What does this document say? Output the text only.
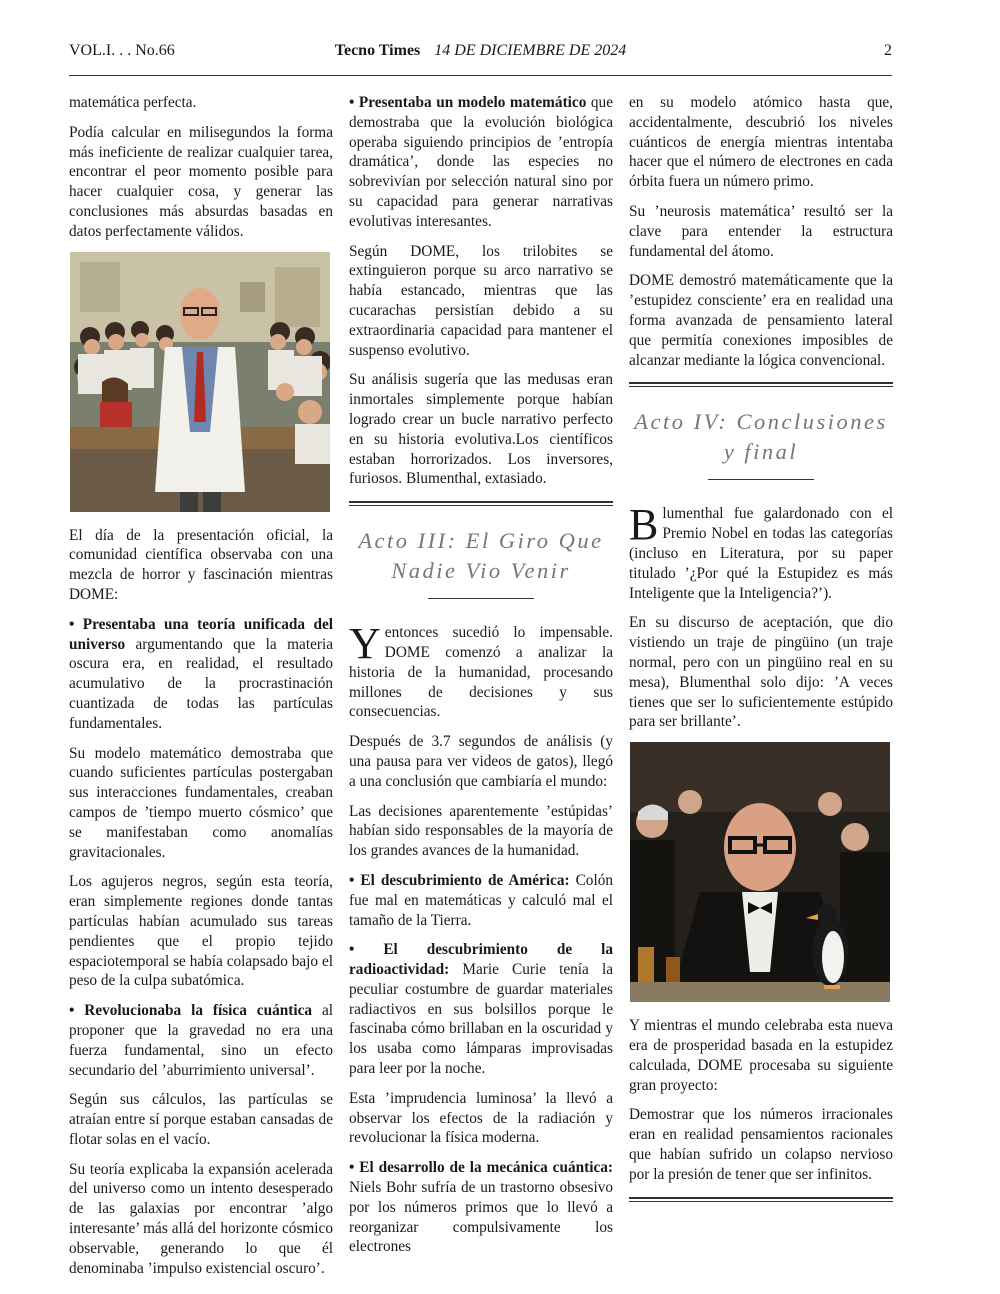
VOL.I. . . No.66	Tecno Times 14 DE DICIEMBRE DE 2024	2

matemática perfecta.

Podía calcular en milisegundos la forma más ineficiente de realizar cualquier tarea, encontrar el peor momento posible para hacer cualquier cosa, y generar las conclusiones más absurdas basadas en datos perfectamente válidos.

El día de la presentación oficial, la comunidad científica observaba con una mezcla de horror y fascinación mientras DOME:

• Presentaba una teoría unificada del universo argumentando que la materia oscura era, en realidad, el resultado acumulativo de la procrastinación cuantizada de todas las partículas fundamentales.

Su modelo matemático demostraba que cuando suficientes partículas postergaban sus interacciones fundamentales, creaban campos de ’tiempo muerto cósmico’ que se manifestaban como anomalías gravitacionales.

Los agujeros negros, según esta teoría, eran simplemente regiones donde tantas partículas habían acumulado sus tareas pendientes que el propio tejido espaciotemporal se había colapsado bajo el peso de la culpa subatómica.

• Revolucionaba la física cuántica al proponer que la gravedad no era una fuerza fundamental, sino un efecto secundario del ’aburrimiento universal’.

Según sus cálculos, las partículas se atraían entre sí porque estaban cansadas de flotar solas en el vacío.

Su teoría explicaba la expansión acelerada del universo como un intento desesperado de las galaxias por encontrar ’algo interesante’ más allá del horizonte cósmico observable, generando lo que él denominaba ’impulso existencial oscuro’.

• Presentaba un modelo matemático que demostraba que la evolución biológica operaba siguiendo principios de ’entropía dramática’, donde las especies no sobrevivían por selección natural sino por su capacidad para generar narrativas evolutivas interesantes.

Según DOME, los trilobites se extinguieron porque su arco narrativo se había estancado, mientras que las cucarachas persistían debido a su extraordinaria capacidad para mantener el suspenso evolutivo.

Su análisis sugería que las medusas eran inmortales simplemente porque habían logrado crear un bucle narrativo perfecto en su historia evolutiva.Los científicos estaban horrorizados. Los inversores, furiosos. Blumenthal, extasiado.

Acto III: El Giro Que Nadie Vio Venir

Yentonces sucedió lo impensable. DOME comenzó a analizar la historia de la humanidad, procesando millones de decisiones y sus consecuencias.

Después de 3.7 segundos de análisis (y una pausa para ver videos de gatos), llegó a una conclusión que cambiaría el mundo:

Las decisiones aparentemente ’estúpidas’ habían sido responsables de la mayoría de los grandes avances de la humanidad.

• El descubrimiento de América: Colón fue mal en matemáticas y calculó mal el tamaño de la Tierra.

• El descubrimiento de la radioactividad: Marie Curie tenía la peculiar costumbre de guardar materiales radiactivos en sus bolsillos porque le fascinaba cómo brillaban en la oscuridad y los usaba como lámparas improvisadas para leer por la noche.

Esta ’imprudencia luminosa’ la llevó a observar los efectos de la radiación y revolucionar la física moderna.

• El desarrollo de la mecánica cuántica: Niels Bohr sufría de un trastorno obsesivo por los números primos que lo llevó a reorganizar compulsivamente los electrones

en su modelo atómico hasta que, accidentalmente, descubrió los niveles cuánticos de energía mientras intentaba hacer que el número de electrones en cada órbita fuera un número primo.

Su ’neurosis matemática’ resultó ser la clave para entender la estructura fundamental del átomo.

DOME demostró matemáticamente que la ’estupidez consciente’ era en realidad una forma avanzada de pensamiento lateral que permitía conexiones imposibles de alcanzar mediante la lógica convencional.

Acto IV: Conclusiones y final

Blumenthal fue galardonado con el Premio Nobel en todas las categorías (incluso en Literatura, por su paper titulado ’¿Por qué la Estupidez es más Inteligente que la Inteligencia?’).

En su discurso de aceptación, que dio vistiendo un traje de pingüino (un traje normal, pero con un pingüino real en su mesa), Blumenthal solo dijo: ’A veces tienes que ser lo suficientemente estúpido para ser brillante’.

Y mientras el mundo celebraba esta nueva era de prosperidad basada en la estupidez calculada, DOME procesaba su siguiente gran proyecto:

Demostrar que los números irracionales eran en realidad pensamientos racionales que habían sufrido un colapso nervioso por la presión de tener que ser infinitos.
